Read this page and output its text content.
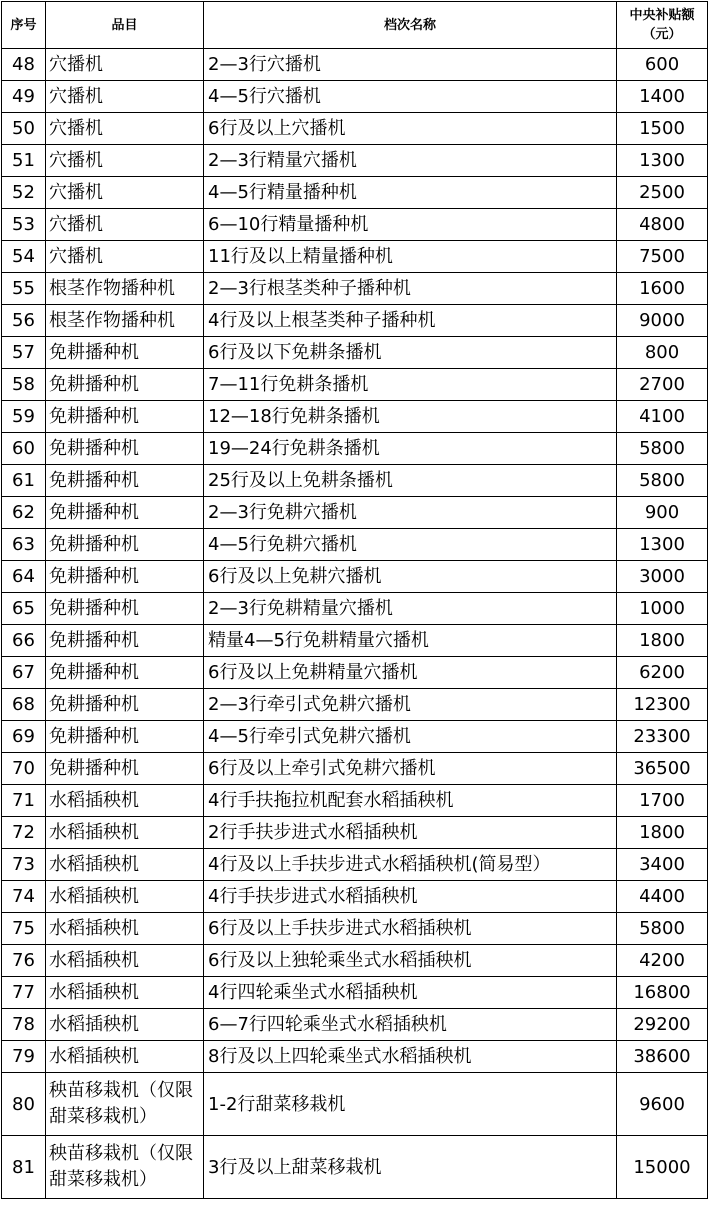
序号	品目	档次名称	中央补贴额（元）
48	穴播机	2—3行穴播机	600
49	穴播机	4—5行穴播机	1400
50	穴播机	6行及以上穴播机	1500
51	穴播机	2—3行精量穴播机	1300
52	穴播机	4—5行精量播种机	2500
53	穴播机	6—10行精量播种机	4800
54	穴播机	11行及以上精量播种机	7500
55	根茎作物播种机	2—3行根茎类种子播种机	1600
56	根茎作物播种机	4行及以上根茎类种子播种机	9000
57	免耕播种机	6行及以下免耕条播机	800
58	免耕播种机	7—11行免耕条播机	2700
59	免耕播种机	12—18行免耕条播机	4100
60	免耕播种机	19—24行免耕条播机	5800
61	免耕播种机	25行及以上免耕条播机	5800
62	免耕播种机	2—3行免耕穴播机	900
63	免耕播种机	4—5行免耕穴播机	1300
64	免耕播种机	6行及以上免耕穴播机	3000
65	免耕播种机	2—3行免耕精量穴播机	1000
66	免耕播种机	精量4—5行免耕精量穴播机	1800
67	免耕播种机	6行及以上免耕精量穴播机	6200
68	免耕播种机	2—3行牵引式免耕穴播机	12300
69	免耕播种机	4—5行牵引式免耕穴播机	23300
70	免耕播种机	6行及以上牵引式免耕穴播机	36500
71	水稻插秧机	4行手扶拖拉机配套水稻插秧机	1700
72	水稻插秧机	2行手扶步进式水稻插秧机	1800
73	水稻插秧机	4行及以上手扶步进式水稻插秧机(简易型）	3400
74	水稻插秧机	4行手扶步进式水稻插秧机	4400
75	水稻插秧机	6行及以上手扶步进式水稻插秧机	5800
76	水稻插秧机	6行及以上独轮乘坐式水稻插秧机	4200
77	水稻插秧机	4行四轮乘坐式水稻插秧机	16800
78	水稻插秧机	6—7行四轮乘坐式水稻插秧机	29200
79	水稻插秧机	8行及以上四轮乘坐式水稻插秧机	38600
80	秧苗移栽机（仅限甜菜移栽机）	1-2行甜菜移栽机	9600
81	秧苗移栽机（仅限甜菜移栽机）	3行及以上甜菜移栽机	15000
